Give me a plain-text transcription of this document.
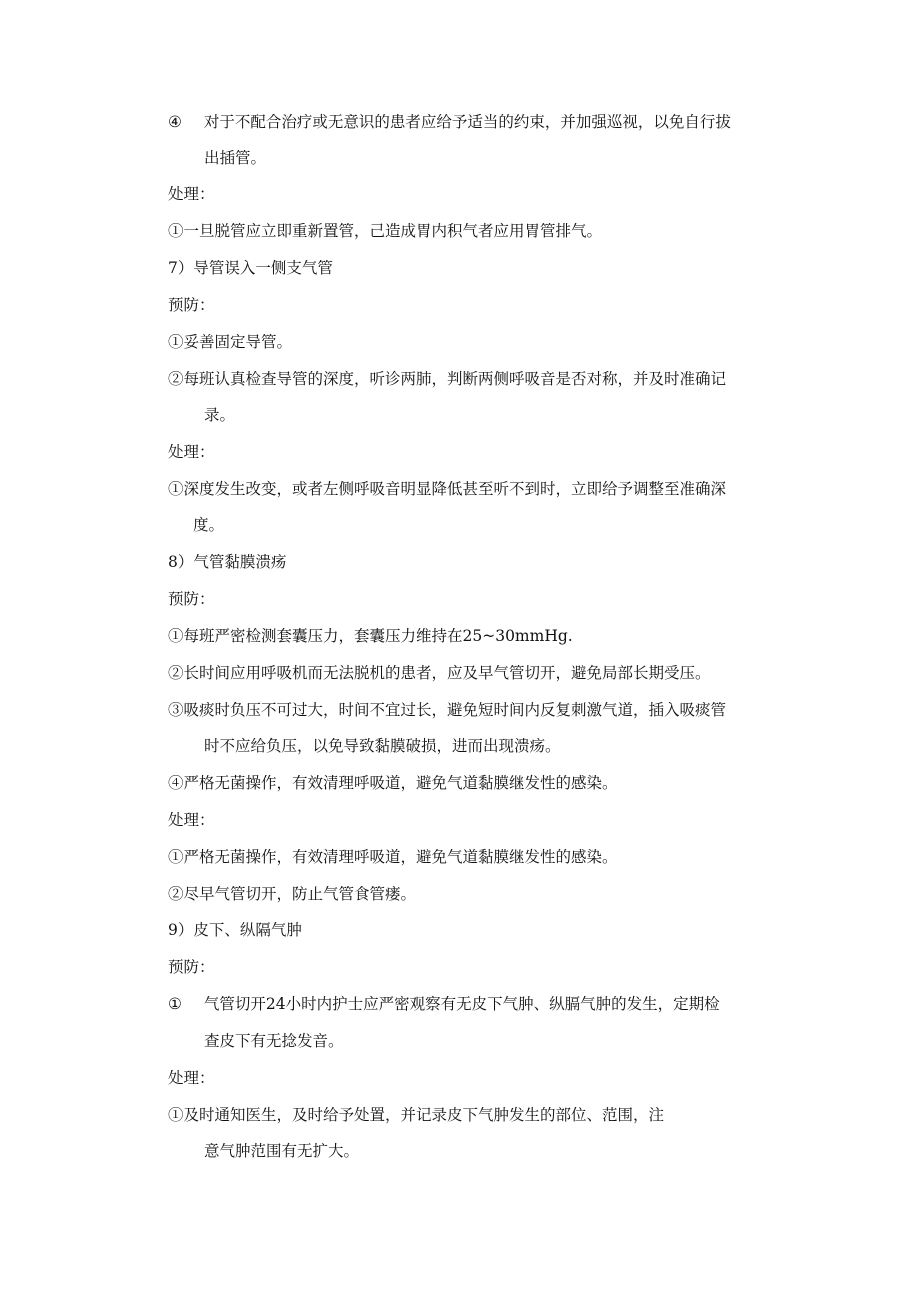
④ 对于不配合治疗或无意识的患者应给予适当的约束，并加强巡视，以免自行拔
出插管。
处理：
①一旦脱管应立即重新置管，己造成胃内积气者应用胃管排气。
7）导管误入一侧支气管
预防：
①妥善固定导管。
②每班认真检查导管的深度，听诊两肺，判断两侧呼吸音是否对称，并及时准确记
录。
处理：
①深度发生改变，或者左侧呼吸音明显降低甚至听不到时，立即给予调整至准确深
度。
8）气管黏膜溃疡
预防：
①每班严密检测套囊压力，套囊压力维持在25~30mmHg.
②长时间应用呼吸机而无法脱机的患者，应及早气管切开，避免局部长期受压。
③吸痰时负压不可过大，时间不宜过长，避免短时间内反复刺激气道，插入吸痰管
时不应给负压，以免导致黏膜破损，进而出现溃疡。
④严格无菌操作，有效清理呼吸道，避免气道黏膜继发性的感染。
处理：
①严格无菌操作，有效清理呼吸道，避免气道黏膜继发性的感染。
②尽早气管切开，防止气管食管瘘。
9）皮下、纵隔气肿
预防：
① 气管切开24小时内护士应严密观察有无皮下气肿、纵膈气肿的发生，定期检
查皮下有无捻发音。
处理：
①及时通知医生，及时给予处置，并记录皮下气肿发生的部位、范围，注
意气肿范围有无扩大。
